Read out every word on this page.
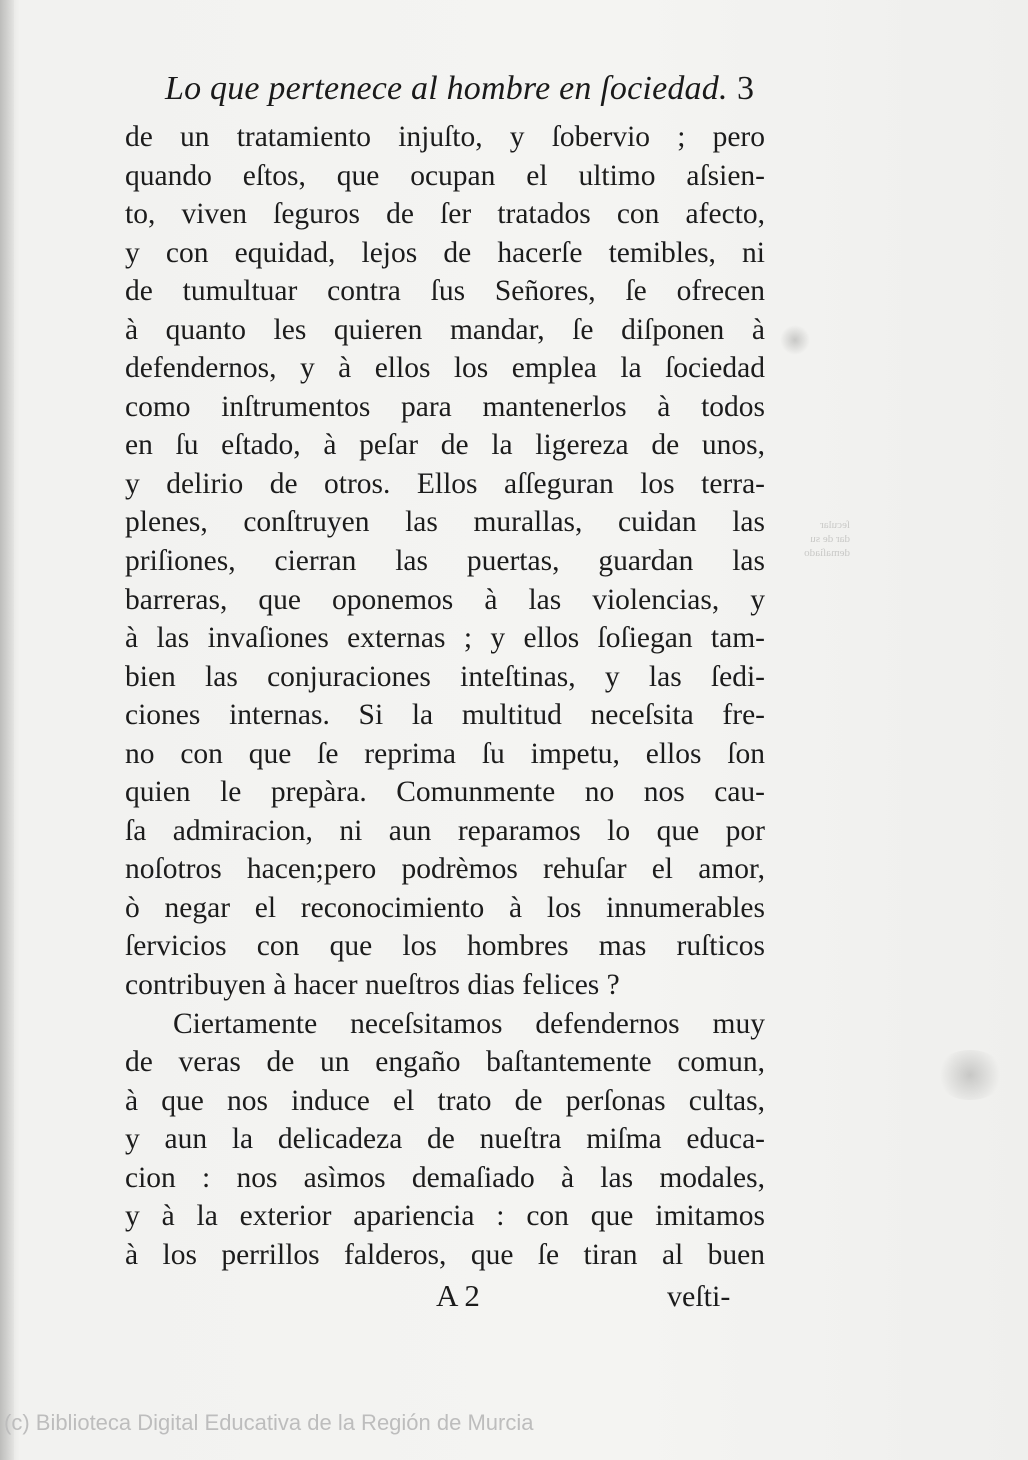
ſecular
dar de su
demaſiado
Lo que pertenece al hombre en ſociedad. 3
de un tratamiento injuſto, y ſobervio ; pero
quando eſtos, que ocupan el ultimo aſsien-
to, viven ſeguros de ſer tratados con afecto,
y con equidad, lejos de hacerſe temibles, ni
de tumultuar contra ſus Señores, ſe ofrecen
à quanto les quieren mandar, ſe diſponen à
defendernos, y à ellos los emplea la ſociedad
como inſtrumentos para mantenerlos à todos
en ſu eſtado, à peſar de la ligereza de unos,
y delirio de otros. Ellos aſſeguran los terra-
plenes, conſtruyen las murallas, cuidan las
priſiones, cierran las puertas, guardan las
barreras, que oponemos à las violencias, y
à las invaſiones externas ; y ellos ſoſiegan tam-
bien las conjuraciones inteſtinas, y las ſedi-
ciones internas. Si la multitud neceſsita fre-
no con que ſe reprima ſu impetu, ellos ſon
quien le prepàra. Comunmente no nos cau-
ſa admiracion, ni aun reparamos lo que por
noſotros hacen;pero podrèmos rehuſar el amor,
ò negar el reconocimiento à los innumerables
ſervicios con que los hombres mas ruſticos
contribuyen à hacer nueſtros dias felices ?
Ciertamente neceſsitamos defendernos muy
de veras de un engaño baſtantemente comun,
à que nos induce el trato de perſonas cultas,
y aun la delicadeza de nueſtra miſma educa-
cion : nos asìmos demaſiado à las modales,
y à la exterior apariencia : con que imitamos
à los perrillos falderos, que ſe tiran al buen
A 2	veſti-
(c) Biblioteca Digital Educativa de la Región de Murcia
